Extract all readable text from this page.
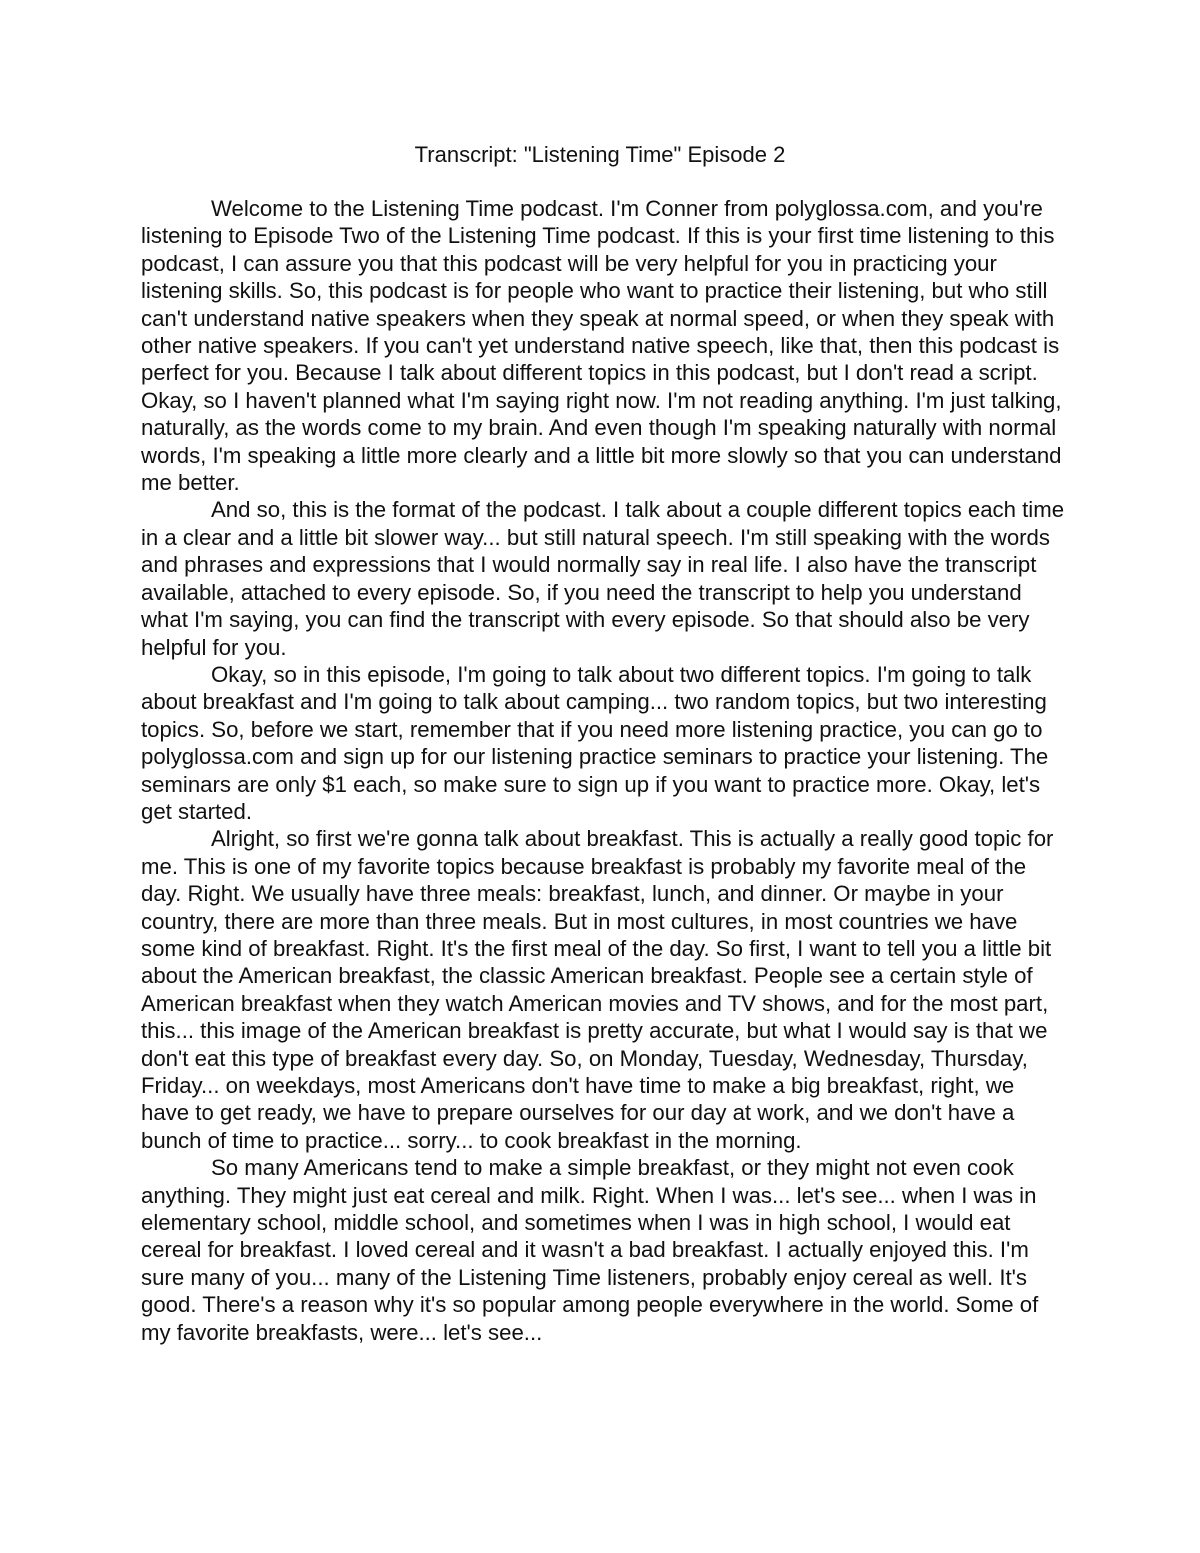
Transcript: "Listening Time" Episode 2

Welcome to the Listening Time podcast. I'm Conner from polyglossa.com, and you're listening to Episode Two of the Listening Time podcast. If this is your first time listening to this podcast, I can assure you that this podcast will be very helpful for you in practicing your listening skills. So, this podcast is for people who want to practice their listening, but who still can't understand native speakers when they speak at normal speed, or when they speak with other native speakers. If you can't yet understand native speech, like that, then this podcast is perfect for you. Because I talk about different topics in this podcast, but I don't read a script. Okay, so I haven't planned what I'm saying right now. I'm not reading anything. I'm just talking, naturally, as the words come to my brain. And even though I'm speaking naturally with normal words, I'm speaking a little more clearly and a little bit more slowly so that you can understand me better.

And so, this is the format of the podcast. I talk about a couple different topics each time in a clear and a little bit slower way... but still natural speech. I'm still speaking with the words and phrases and expressions that I would normally say in real life. I also have the transcript available, attached to every episode. So, if you need the transcript to help you understand what I'm saying, you can find the transcript with every episode. So that should also be very helpful for you.

Okay, so in this episode, I'm going to talk about two different topics. I'm going to talk about breakfast and I'm going to talk about camping... two random topics, but two interesting topics. So, before we start, remember that if you need more listening practice, you can go to polyglossa.com and sign up for our listening practice seminars to practice your listening. The seminars are only $1 each, so make sure to sign up if you want to practice more. Okay, let's get started.

Alright, so first we're gonna talk about breakfast. This is actually a really good topic for me. This is one of my favorite topics because breakfast is probably my favorite meal of the day. Right. We usually have three meals: breakfast, lunch, and dinner. Or maybe in your country, there are more than three meals. But in most cultures, in most countries we have some kind of breakfast. Right. It's the first meal of the day. So first, I want to tell you a little bit about the American breakfast, the classic American breakfast. People see a certain style of American breakfast when they watch American movies and TV shows, and for the most part, this... this image of the American breakfast is pretty accurate, but what I would say is that we don't eat this type of breakfast every day. So, on Monday, Tuesday, Wednesday, Thursday, Friday... on weekdays, most Americans don't have time to make a big breakfast, right, we have to get ready, we have to prepare ourselves for our day at work, and we don't have a bunch of time to practice... sorry... to cook breakfast in the morning.

So many Americans tend to make a simple breakfast, or they might not even cook anything. They might just eat cereal and milk. Right. When I was... let's see... when I was in elementary school, middle school, and sometimes when I was in high school, I would eat cereal for breakfast. I loved cereal and it wasn't a bad breakfast. I actually enjoyed this. I'm sure many of you... many of the Listening Time listeners, probably enjoy cereal as well. It's good. There's a reason why it's so popular among people everywhere in the world. Some of my favorite breakfasts, were... let's see...
